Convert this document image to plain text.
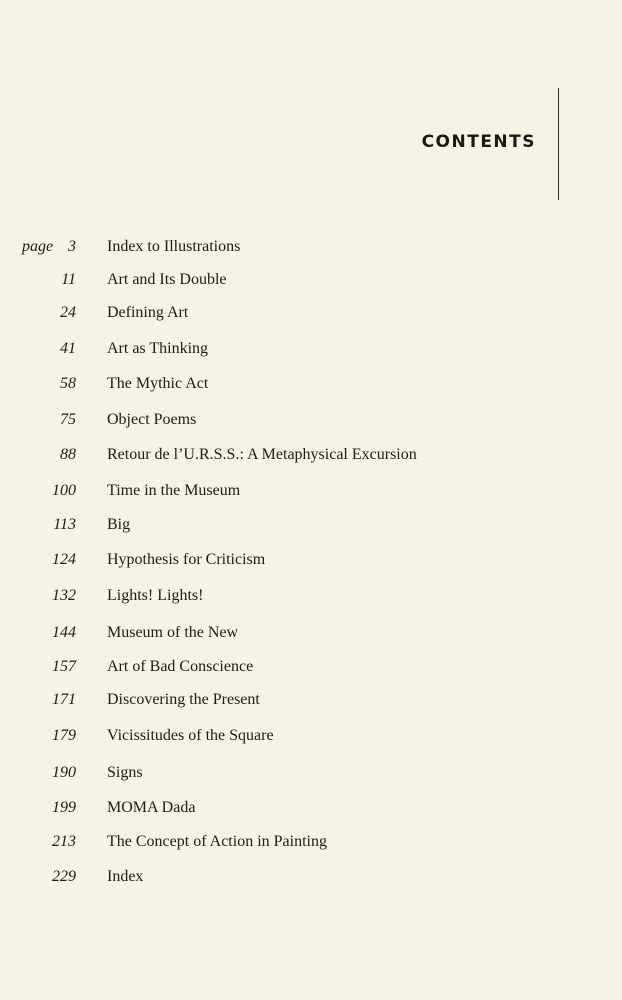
CONTENTS
page 3 Index to Illustrations
11 Art and Its Double
24 Defining Art
41 Art as Thinking
58 The Mythic Act
75 Object Poems
88 Retour de l’U.R.S.S.: A Metaphysical Excursion
100 Time in the Museum
113 Big
124 Hypothesis for Criticism
132 Lights! Lights!
144 Museum of the New
157 Art of Bad Conscience
171 Discovering the Present
179 Vicissitudes of the Square
190 Signs
199 MOMA Dada
213 The Concept of Action in Painting
229 Index
